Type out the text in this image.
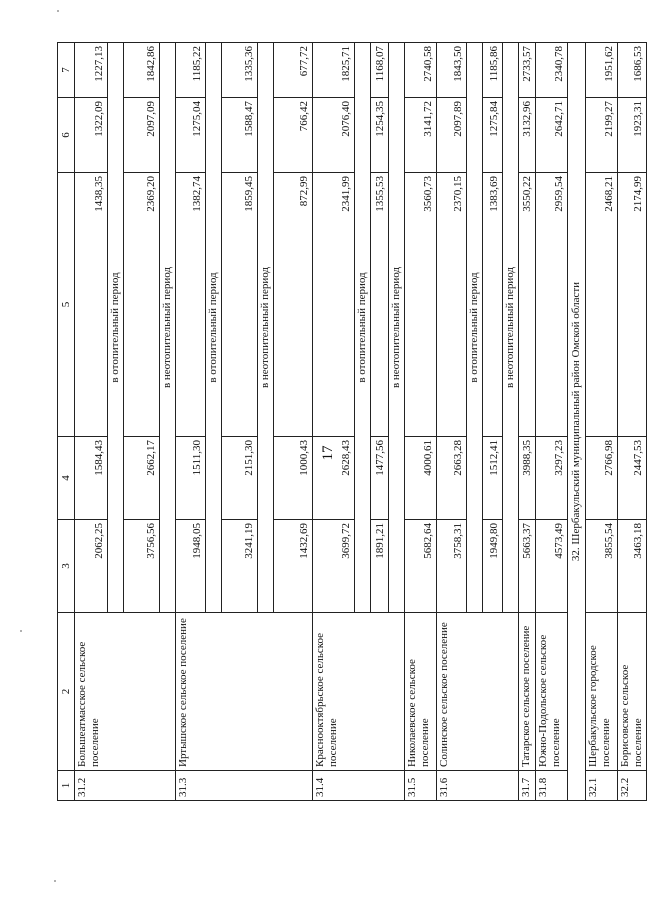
17
1	2	3	4	5	6	7
31.2	Большеатмасское сельское поселение	2062,25	1584,43	1438,35	1322,09	1227,13
		в отопительный период				
		3756,56	2662,17	2369,20	2097,09	1842,86
		в неотопительный период				
31.3	Иртышское сельское поселение	1948,05	1511,30	1382,74	1275,04	1185,22
		в отопительный период				
		3241,19	2151,30	1859,45	1588,47	1335,36
		в неотопительный период				
		1432,69	1000,43	872,99	766,42	677,72
31.4	Краснооктябрьское сельское поселение	3699,72	2628,43	2341,99	2076,40	1825,71
		в отопительный период				
		1891,21	1477,56	1355,53	1254,35	1168,07
		в неотопительный период				
31.5	Николаевское сельское поселение	5682,64	4000,61	3560,73	3141,72	2740,58
31.6	Солинское сельское поселение	3758,31	2663,28	2370,15	2097,89	1843,50
		в отопительный период				
		1949,80	1512,41	1383,69	1275,84	1185,86
		в неотопительный период				
31.7	Татарское сельское поселение	5663,37	3988,35	3550,22	3132,96	2733,57
31.8	Южно-Подольское сельское поселение	4573,49	3297,23	2959,54	2642,71	2340,78
32. Шербакульский муниципальный район Омской области						
32.1	Шербакульское городское поселение	3855,54	2766,98	2468,21	2199,27	1951,62
32.2	Борисовское сельское поселение	3463,18	2447,53	2174,99	1923,31	1686,53
